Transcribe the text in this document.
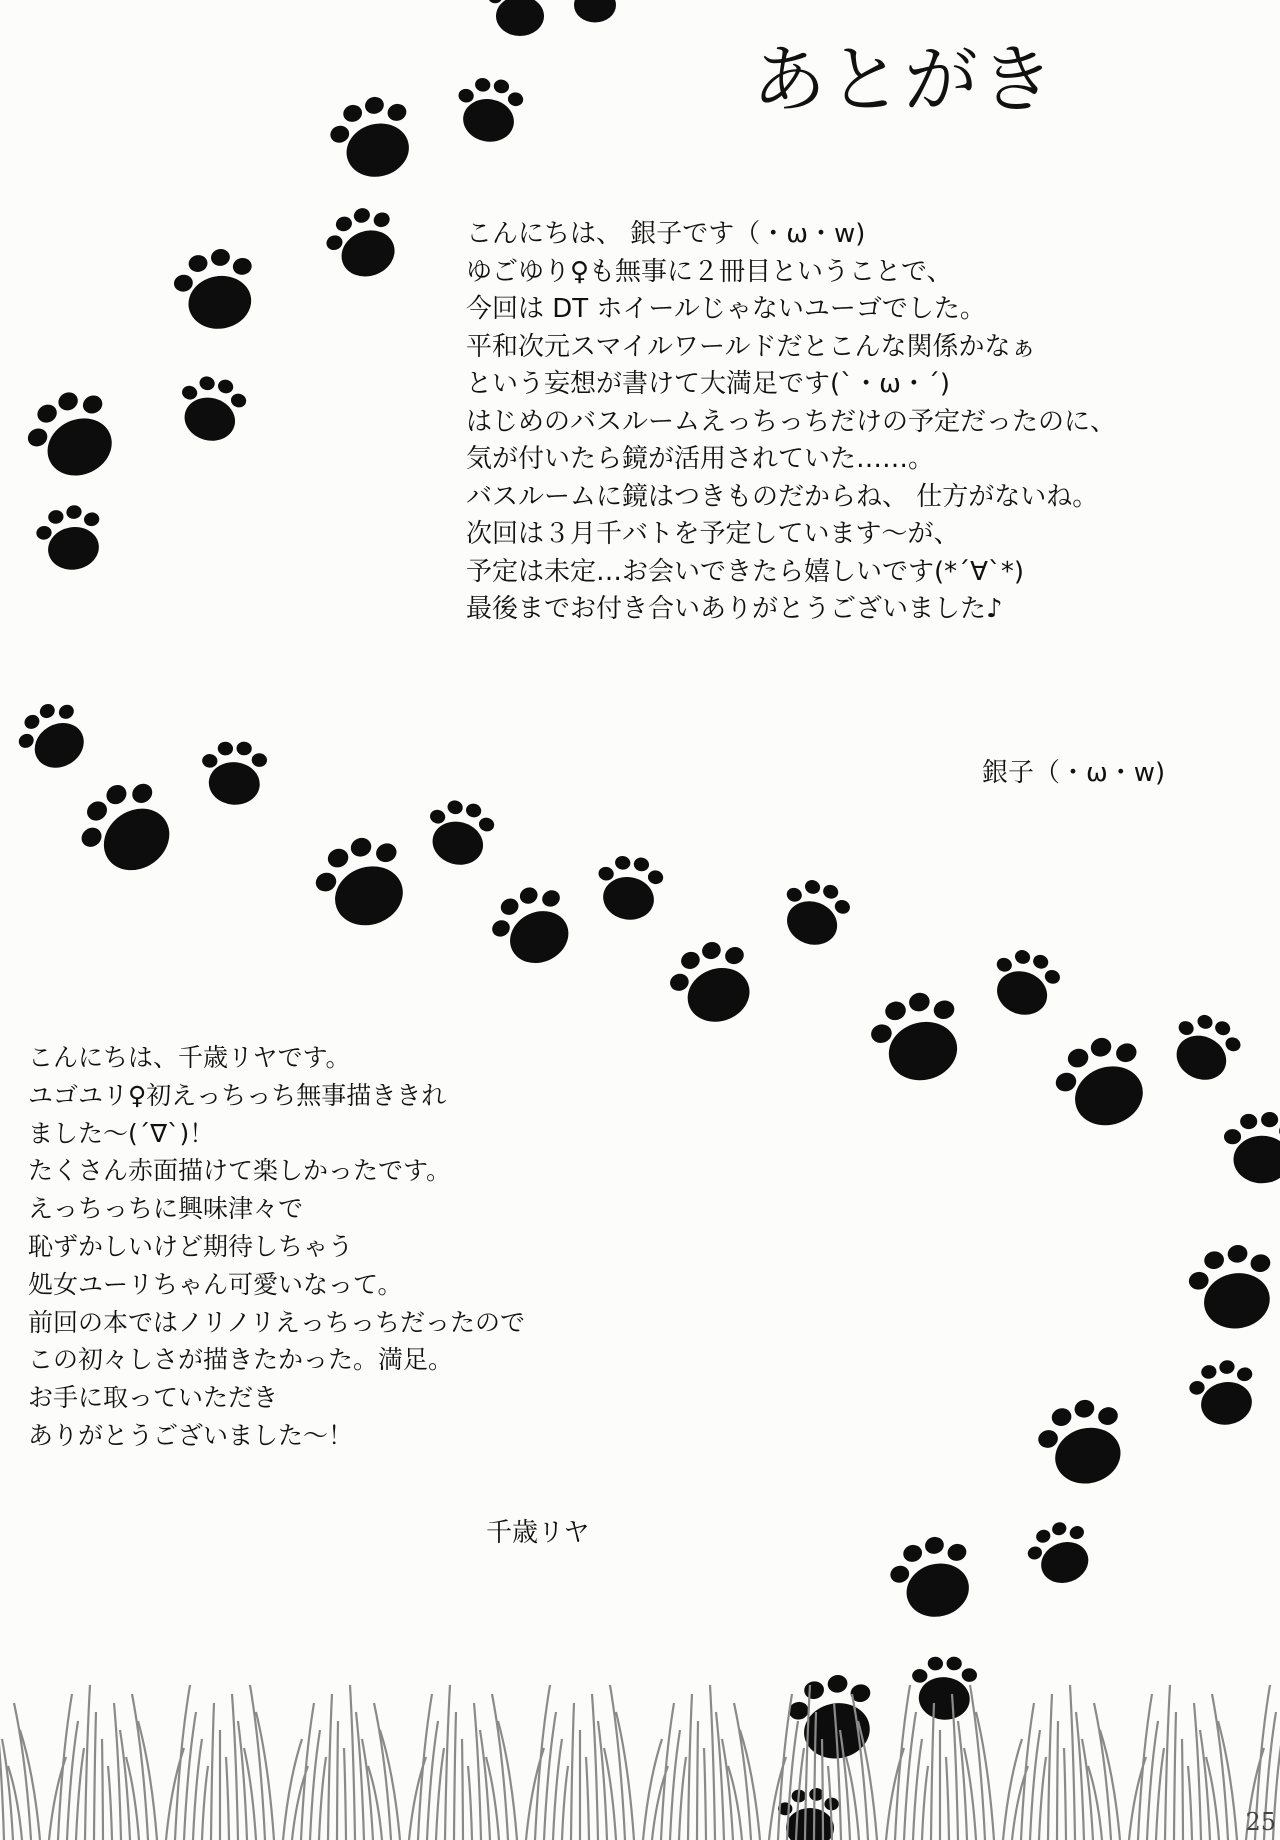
あとがき
こんにちは、 銀子です（・ω・w)
ゆごゆり♀も無事に２冊目ということで、
今回は DT ホイールじゃないユーゴでした。
平和次元スマイルワールドだとこんな関係かなぁ
という妄想が書けて大満足です(`・ω・´)
はじめのバスルームえっちっちだけの予定だったのに、
気が付いたら鏡が活用されていた……。
バスルームに鏡はつきものだからね、 仕方がないね。
次回は３月千バトを予定しています～が、
予定は未定…お会いできたら嬉しいです(*´∀`*)
最後までお付き合いありがとうございました♪
銀子（・ω・w)
こんにちは、千歳リヤです。
ユゴユリ♀初えっちっち無事描ききれ
ました～(´∇`)！
たくさん赤面描けて楽しかったです。
えっちっちに興味津々で
恥ずかしいけど期待しちゃう
処女ユーリちゃん可愛いなって。
前回の本ではノリノリえっちっちだったので
この初々しさが描きたかった。満足。
お手に取っていただき
ありがとうございました～！
千歳リヤ
25
